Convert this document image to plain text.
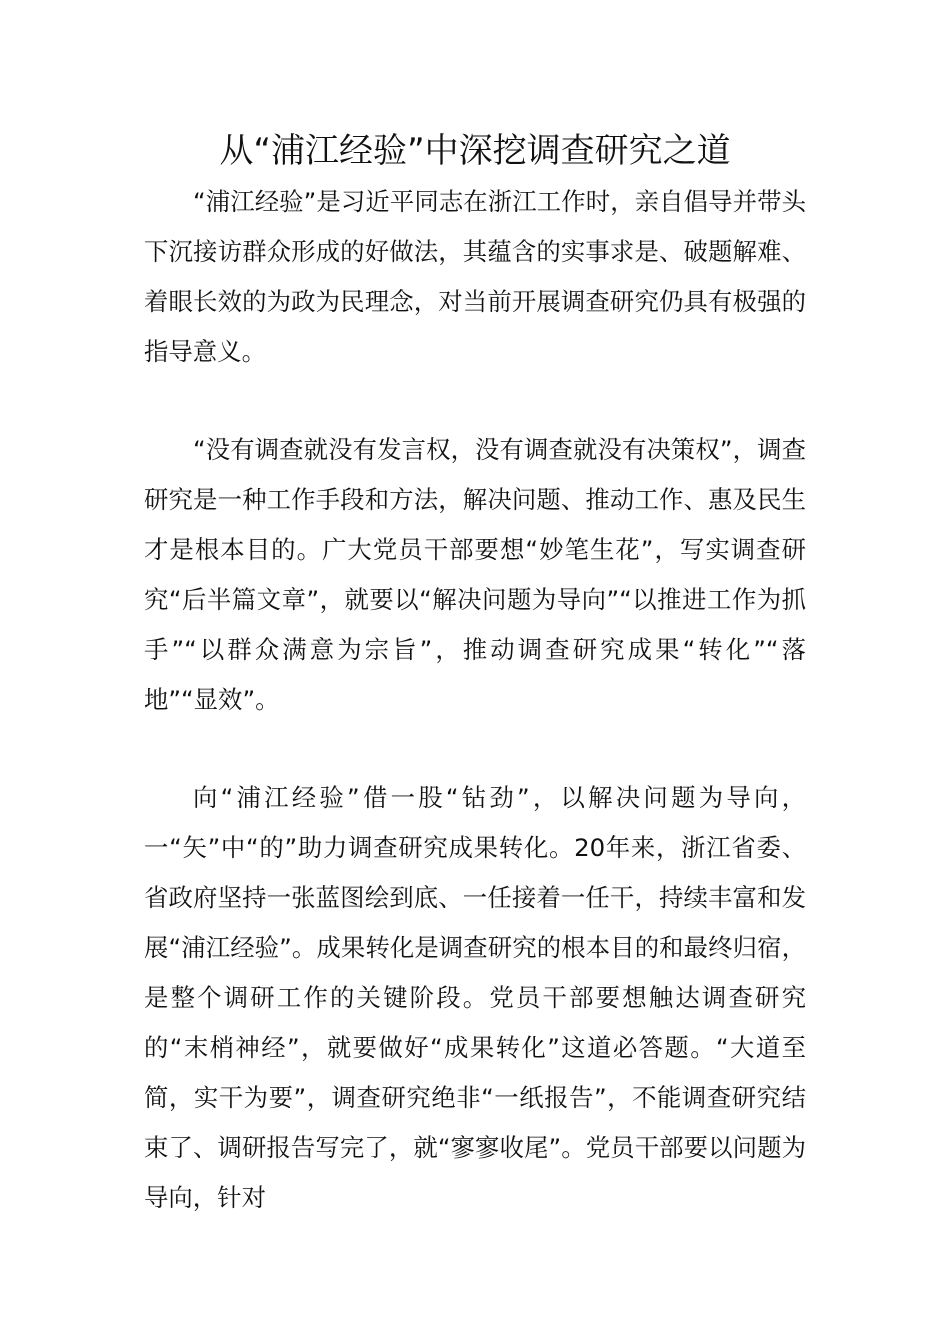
从“浦江经验”中深挖调查研究之道

“浦江经验”是习近平同志在浙江工作时，亲自倡导并带头下沉接访群众形成的好做法，其蕴含的实事求是、破题解难、着眼长效的为政为民理念，对当前开展调查研究仍具有极强的指导意义。

“没有调查就没有发言权，没有调查就没有决策权”，调查研究是一种工作手段和方法，解决问题、推动工作、惠及民生才是根本目的。广大党员干部要想“妙笔生花”，写实调查研究“后半篇文章”，就要以“解决问题为导向”“以推进工作为抓手”“以群众满意为宗旨”，推动调查研究成果“转化”“落地”“显效”。

向“浦江经验”借一股“钻劲”，以解决问题为导向，一“矢”中“的”助力调查研究成果转化。20年来，浙江省委、省政府坚持一张蓝图绘到底、一任接着一任干，持续丰富和发展“浦江经验”。成果转化是调查研究的根本目的和最终归宿，是整个调研工作的关键阶段。党员干部要想触达调查研究的“末梢神经”，就要做好“成果转化”这道必答题。“大道至简，实干为要”，调查研究绝非“一纸报告”，不能调查研究结束了、调研报告写完了，就“寥寥收尾”。党员干部要以问题为导向，针对
